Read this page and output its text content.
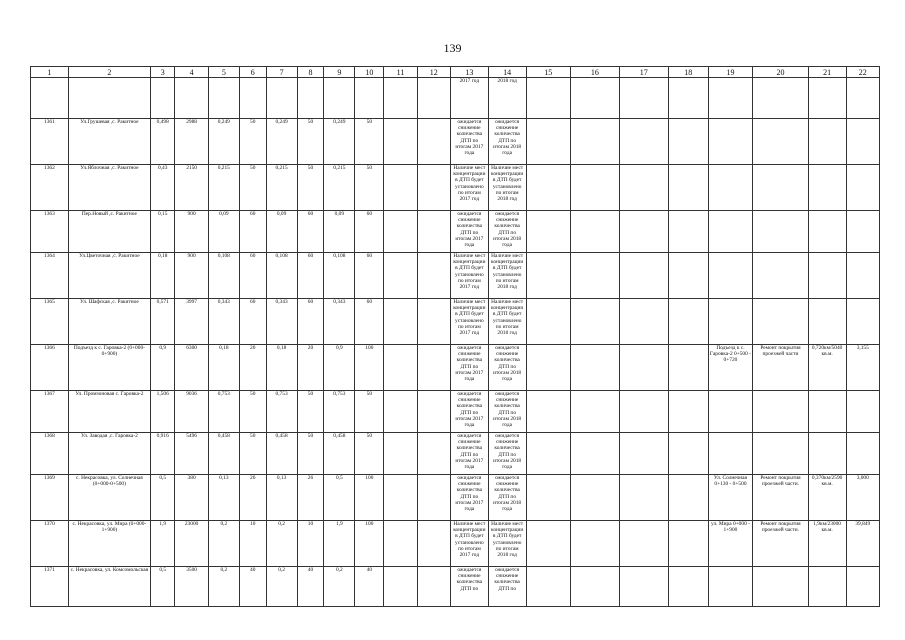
139
1	2	3	4	5	6	7	8	9	10	11	12	13	14	15	16	17	18	19	20	21	22
												2017 год	2018 год								
1361	Ул.Грушевая ,с. Ракитное	0,498	2988	0,249	50	0,249	50	0,249	50			ожидается снижение количества ДТП по итогам 2017 года	ожидается снижение количества ДТП по итогам 2018 года								
1362	Ул.Яблочная ,с. Ракитное	0,43	2150	0,215	50	0,215	50	0,215	50			Наличие мест концентрации в ДТП будет установлено по итогам 2017 год	Наличие мест концентрации в ДТП будет установлено по итогам 2018 год								
1363	Пер.Новый ,с. Ракитное	0,15	900	0,09	60	0,09	60	0,09	60			ожидается снижение количества ДТП по итогам 2017 года	ожидается снижение количества ДТП по итогам 2018 года								
1364	Ул.Цветочная ,с. Ракитное	0,18	900	0,108	60	0,108	60	0,108	60			Наличие мест концентрации в ДТП будет установлено по итогам 2017 год	Наличие мест концентрации в ДТП будет установлено по итогам 2018 год								
1365	Ул. Шафская ,с. Ракитное	0,571	3997	0,343	60	0,343	60	0,343	60			Наличие мест концентрации в ДТП будет установлено по итогам 2017 год	Наличие мест концентрации в ДТП будет установлено по итогам 2018 год								
1366	Подъезд к с. Гаровка-2 (0+000-0+900)	0,9	6300	0,18	20	0,18	20	0,9	100			ожидается снижение количества ДТП по итогам 2017 года	ожидается снижение количества ДТП по итогам 2018 года					Подъезд к с. Гаровка-2 0+500 - 0+720	Ремонт покрытия проезжей части	0,720км/5040 кв.м.	3,155
1367	Ул. Промзоновая с. Гаровка-2	1,506	9036	0,753	50	0,753	50	0,753	50			ожидается снижение количества ДТП по итогам 2017 года	ожидается снижение количества ДТП по итогам 2018 года								
1368	Ул. Заводая ,с. Гаровка-2	0,916	5496	0,458	50	0,458	50	0,458	50			ожидается снижение количества ДТП по итогам 2017 года	ожидается снижение количества ДТП по итогам 2018 года								
1369	с. Некрасовка, ул. Солнечная (0+000-0+500)	0,5	380	0,13	26	0,13	26	0,5	100			ожидается снижение количества ДТП по итогам 2017 года	ожидается снижение количества ДТП по итогам 2018 года					Ул. Солнечная 0+130 - 0+500	Ремонт покрытия проезжей части.	0,370км/2590 кв.м.	3,000
1370	с. Некрасовка, ул. Мира (0+000-1+900)	1,9	23000	0,2	10	0,2	10	1,9	100			Наличие мест концентрации в ДТП будет установлено по итогам 2017 год	Наличие мест концентрации в ДТП будет установлено по итогам 2018 год					ул. Мира 0+000 - 1+900	Ремонт покрытия проезжей части.	1,9км/23000 кв.м.	39,849
1371	с. Некрасовка, ул. Комсомольская	0,5	3500	0,2	40	0,2	40	0,2	40			ожидается снижение количества ДТП по	ожидается снижение количества ДТП по								
